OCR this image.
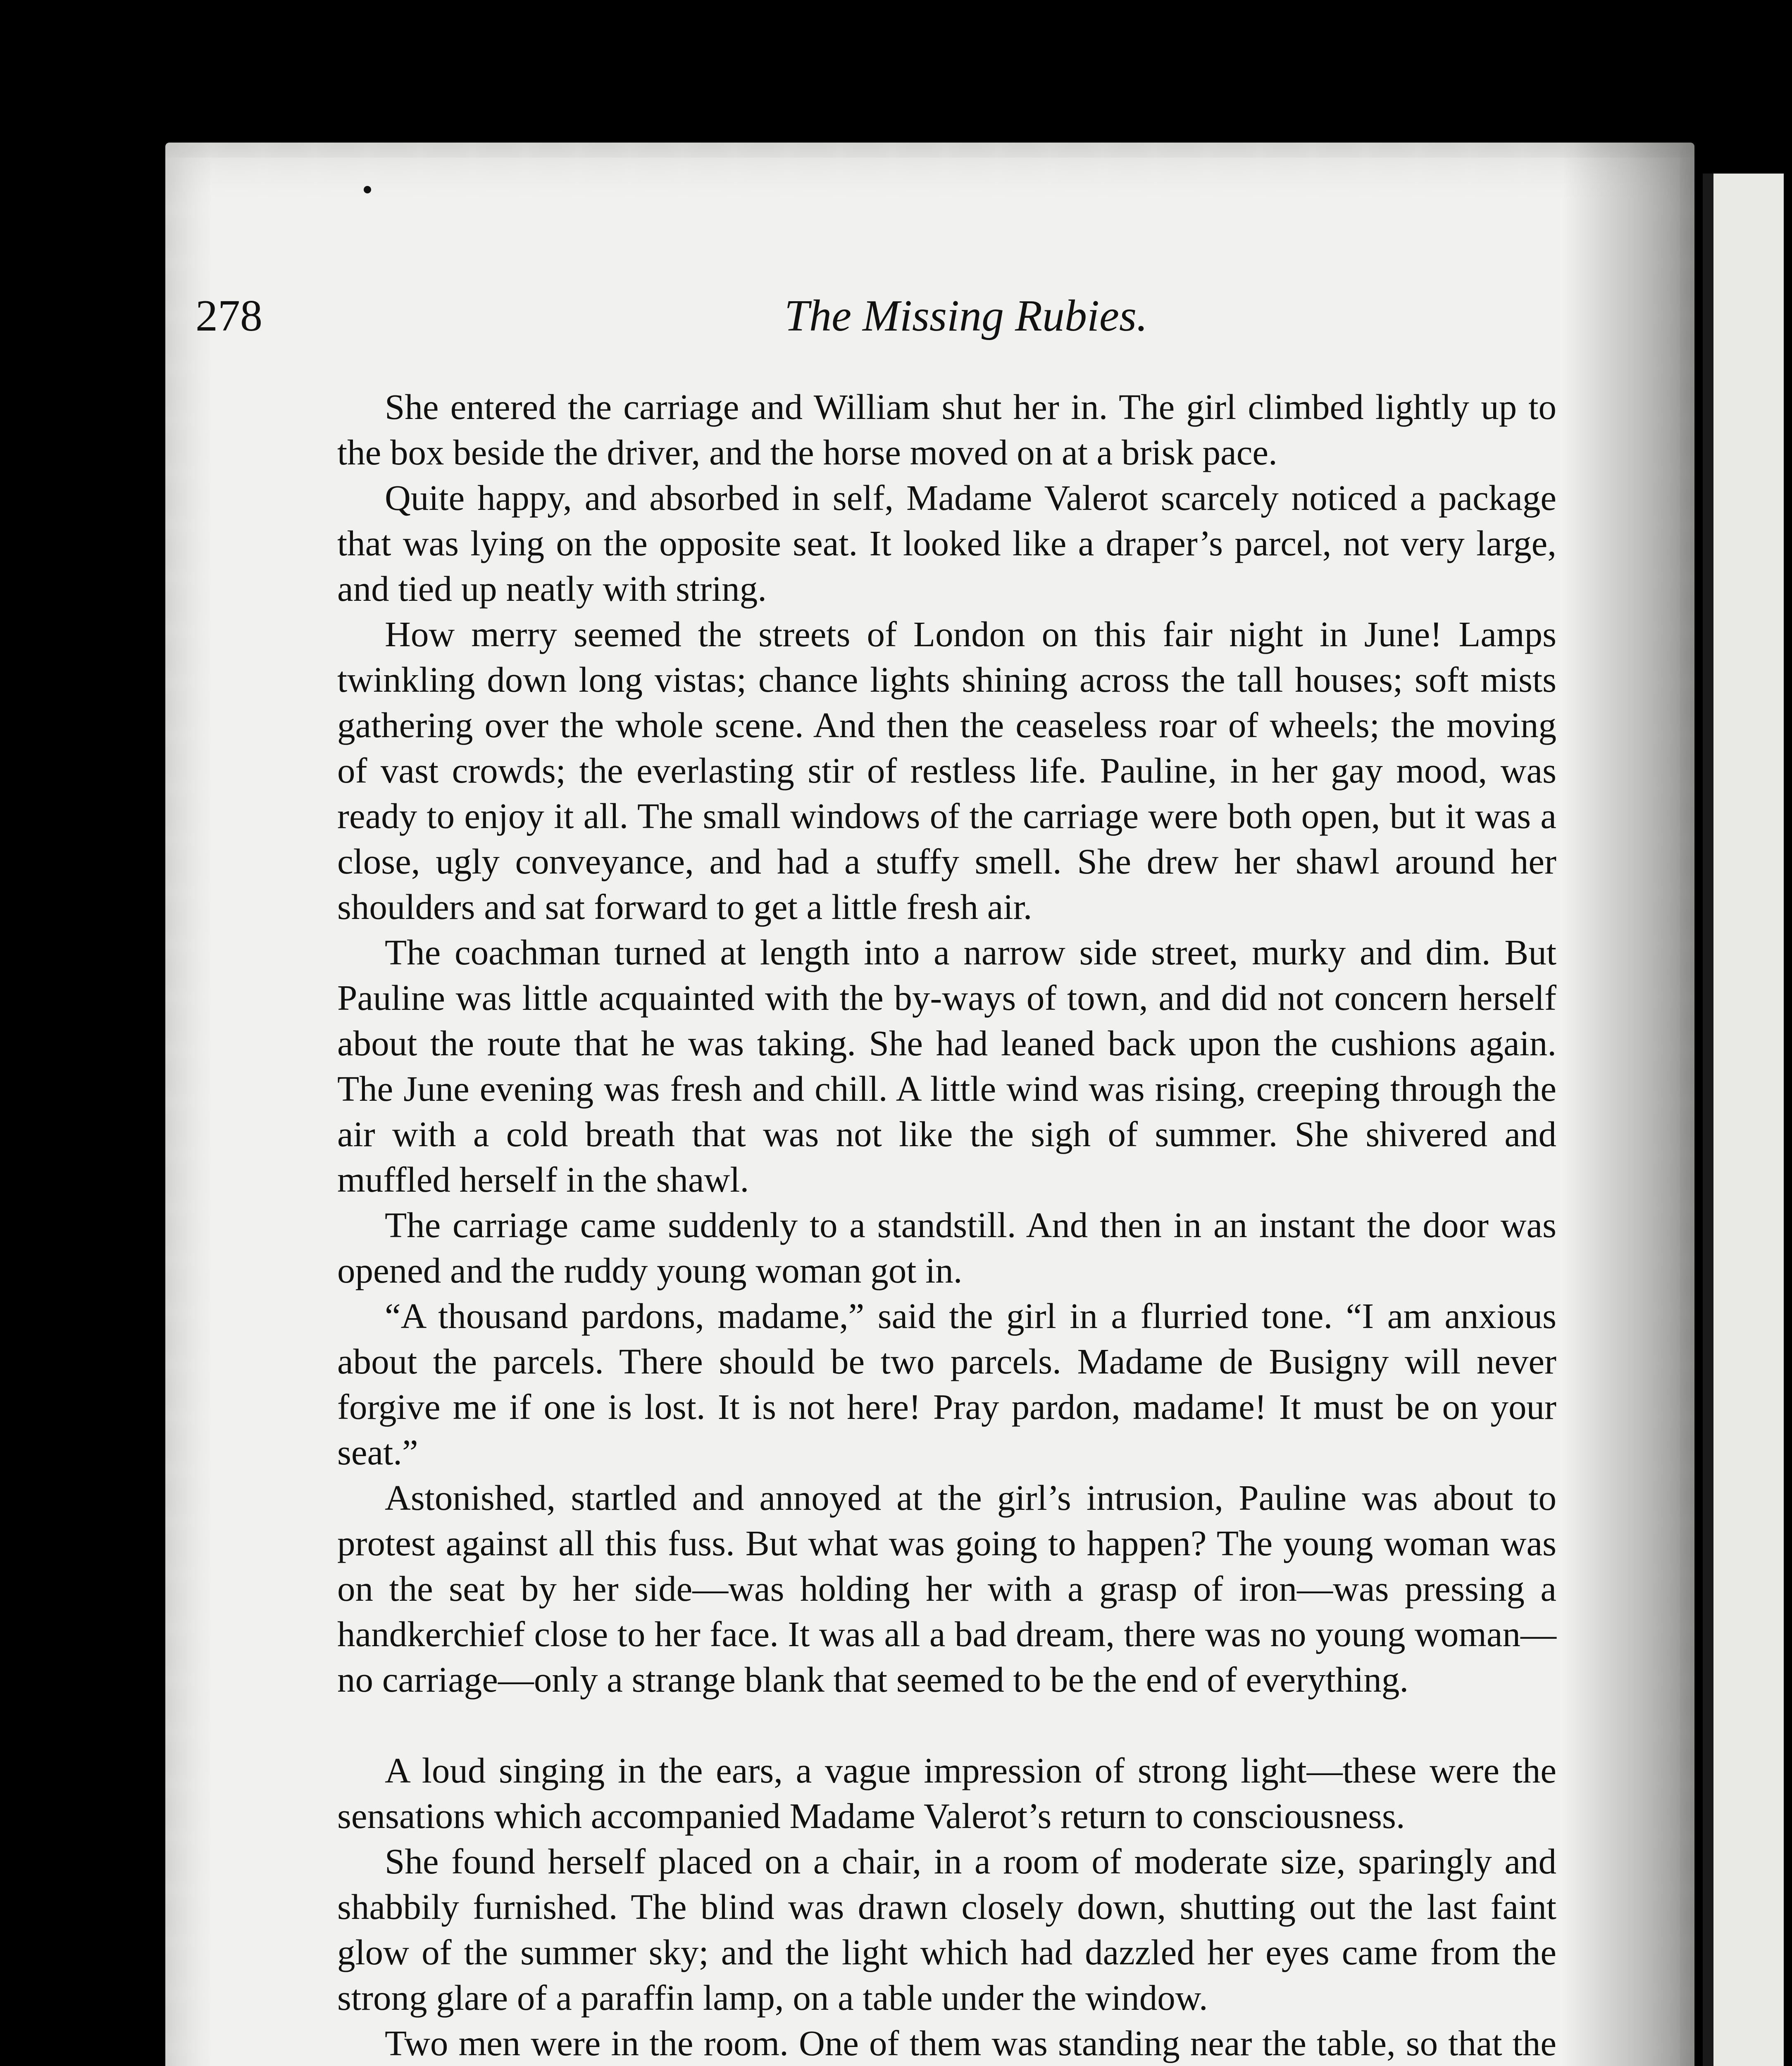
278	The Missing Rubies.

She entered the carriage and William shut her in. The girl climbed lightly up to the box beside the driver, and the horse moved on at a brisk pace.

Quite happy, and absorbed in self, Madame Valerot scarcely noticed a package that was lying on the opposite seat. It looked like a draper’s parcel, not very large, and tied up neatly with string.

How merry seemed the streets of London on this fair night in June! Lamps twinkling down long vistas; chance lights shining across the tall houses; soft mists gathering over the whole scene. And then the ceaseless roar of wheels; the moving of vast crowds; the everlasting stir of restless life. Pauline, in her gay mood, was ready to enjoy it all. The small windows of the carriage were both open, but it was a close, ugly conveyance, and had a stuffy smell. She drew her shawl around her shoulders and sat forward to get a little fresh air.

The coachman turned at length into a narrow side street, murky and dim. But Pauline was little acquainted with the by-ways of town, and did not concern herself about the route that he was taking. She had leaned back upon the cushions again. The June evening was fresh and chill. A little wind was rising, creeping through the air with a cold breath that was not like the sigh of summer. She shivered and muffled herself in the shawl.

The carriage came suddenly to a standstill. And then in an instant the door was opened and the ruddy young woman got in.

“A thousand pardons, madame,” said the girl in a flurried tone. “I am anxious about the parcels. There should be two parcels. Madame de Busigny will never forgive me if one is lost. It is not here! Pray pardon, madame! It must be on your seat.”

Astonished, startled and annoyed at the girl’s intrusion, Pauline was about to protest against all this fuss. But what was going to happen? The young woman was on the seat by her side—was holding her with a grasp of iron—was pressing a handkerchief close to her face. It was all a bad dream, there was no young woman—no carriage—only a strange blank that seemed to be the end of everything.

A loud singing in the ears, a vague impression of strong light—these were the sensations which accompanied Madame Valerot’s return to consciousness.

She found herself placed on a chair, in a room of moderate size, sparingly and shabbily furnished. The blind was drawn closely down, shutting out the last faint glow of the summer sky; and the light which had dazzled her eyes came from the strong glare of a paraffin lamp, on a table under the window.

Two men were in the room. One of them was standing near the table, so that the
